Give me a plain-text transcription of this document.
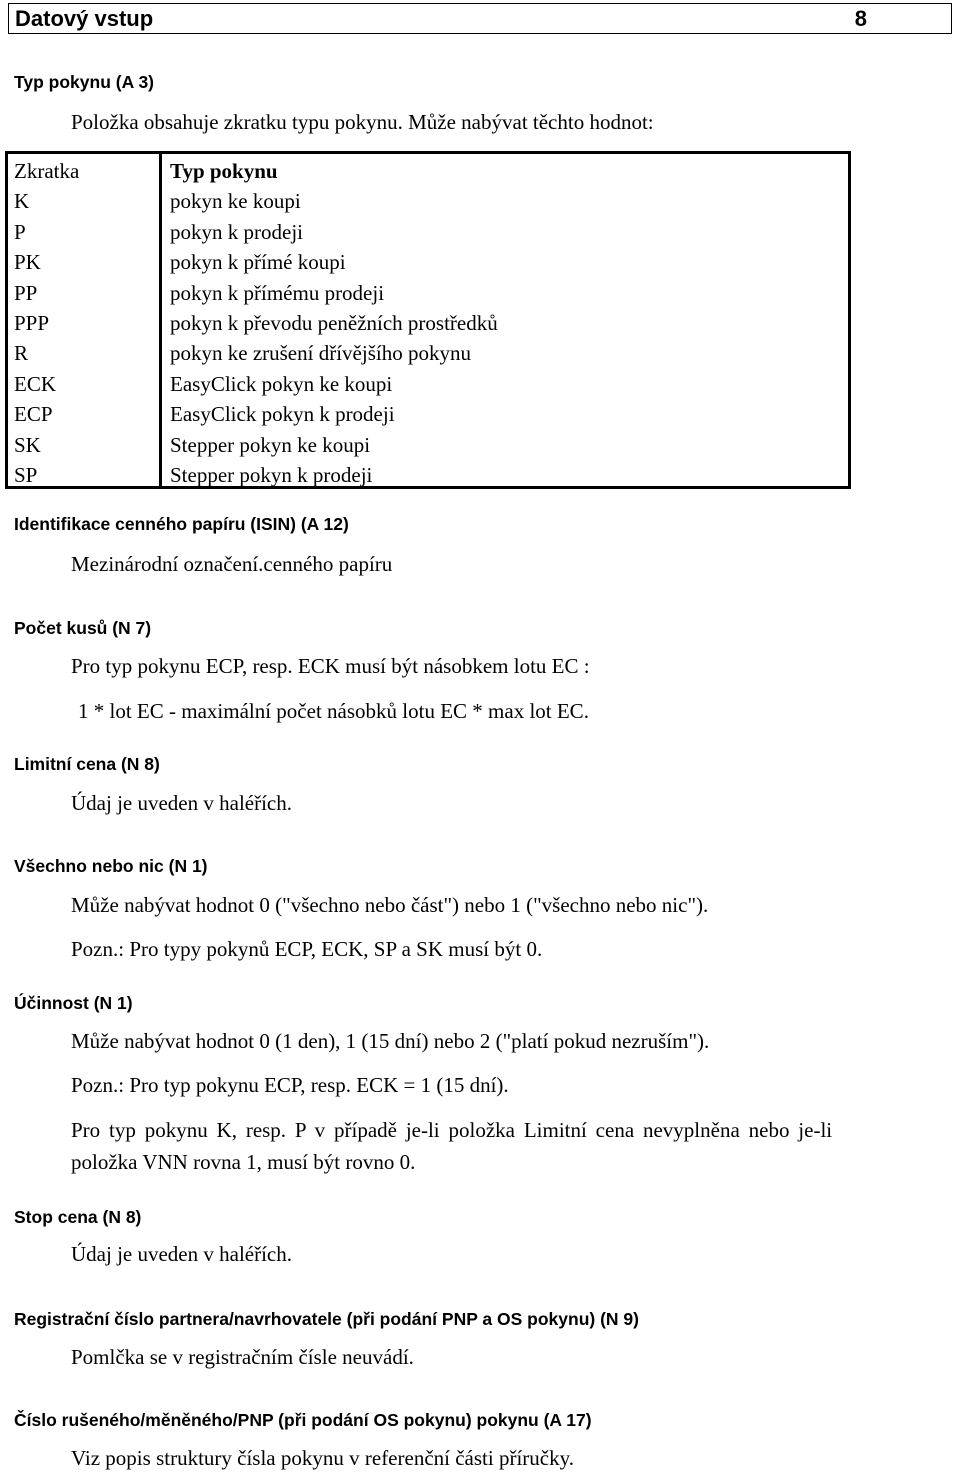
Datový vstup	8
Typ pokynu (A 3)
Položka obsahuje zkratku typu pokynu. Může nabývat těchto hodnot:
Zkratka
K
P
PK
PP
PPP
R
ECK
ECP
SK
SP
Typ pokynu
pokyn ke koupi
pokyn k prodeji
pokyn k přímé koupi
pokyn k přímému prodeji
pokyn k převodu peněžních prostředků
pokyn ke zrušení dřívějšího pokynu
EasyClick pokyn ke koupi
EasyClick pokyn k prodeji
Stepper pokyn ke koupi
Stepper pokyn k prodeji
Identifikace cenného papíru (ISIN) (A 12)
Mezinárodní označení.cenného papíru
Počet kusů (N 7)
Pro typ pokynu ECP, resp. ECK musí být násobkem lotu EC :
1 * lot EC - maximální počet násobků lotu EC * max lot EC.
Limitní cena (N 8)
Údaj je uveden v haléřích.
Všechno nebo nic (N 1)
Může nabývat hodnot 0 ("všechno nebo část") nebo 1 ("všechno nebo nic").
Pozn.: Pro typy pokynů ECP, ECK, SP a SK musí být 0.
Účinnost (N 1)
Může nabývat hodnot 0 (1 den), 1 (15 dní) nebo 2 ("platí pokud nezruším").
Pozn.: Pro typ pokynu ECP, resp. ECK = 1 (15 dní).
Pro typ pokynu K, resp. P v případě je-li položka Limitní cena nevyplněna nebo je-li
položka VNN rovna 1, musí být rovno 0.
Stop cena (N 8)
Údaj je uveden v haléřích.
Registrační číslo partnera/navrhovatele (při podání PNP a OS pokynu) (N 9)
Pomlčka se v registračním čísle neuvádí.
Číslo rušeného/měněného/PNP (při podání OS pokynu) pokynu (A 17)
Viz popis struktury čísla pokynu v referenční části příručky.
